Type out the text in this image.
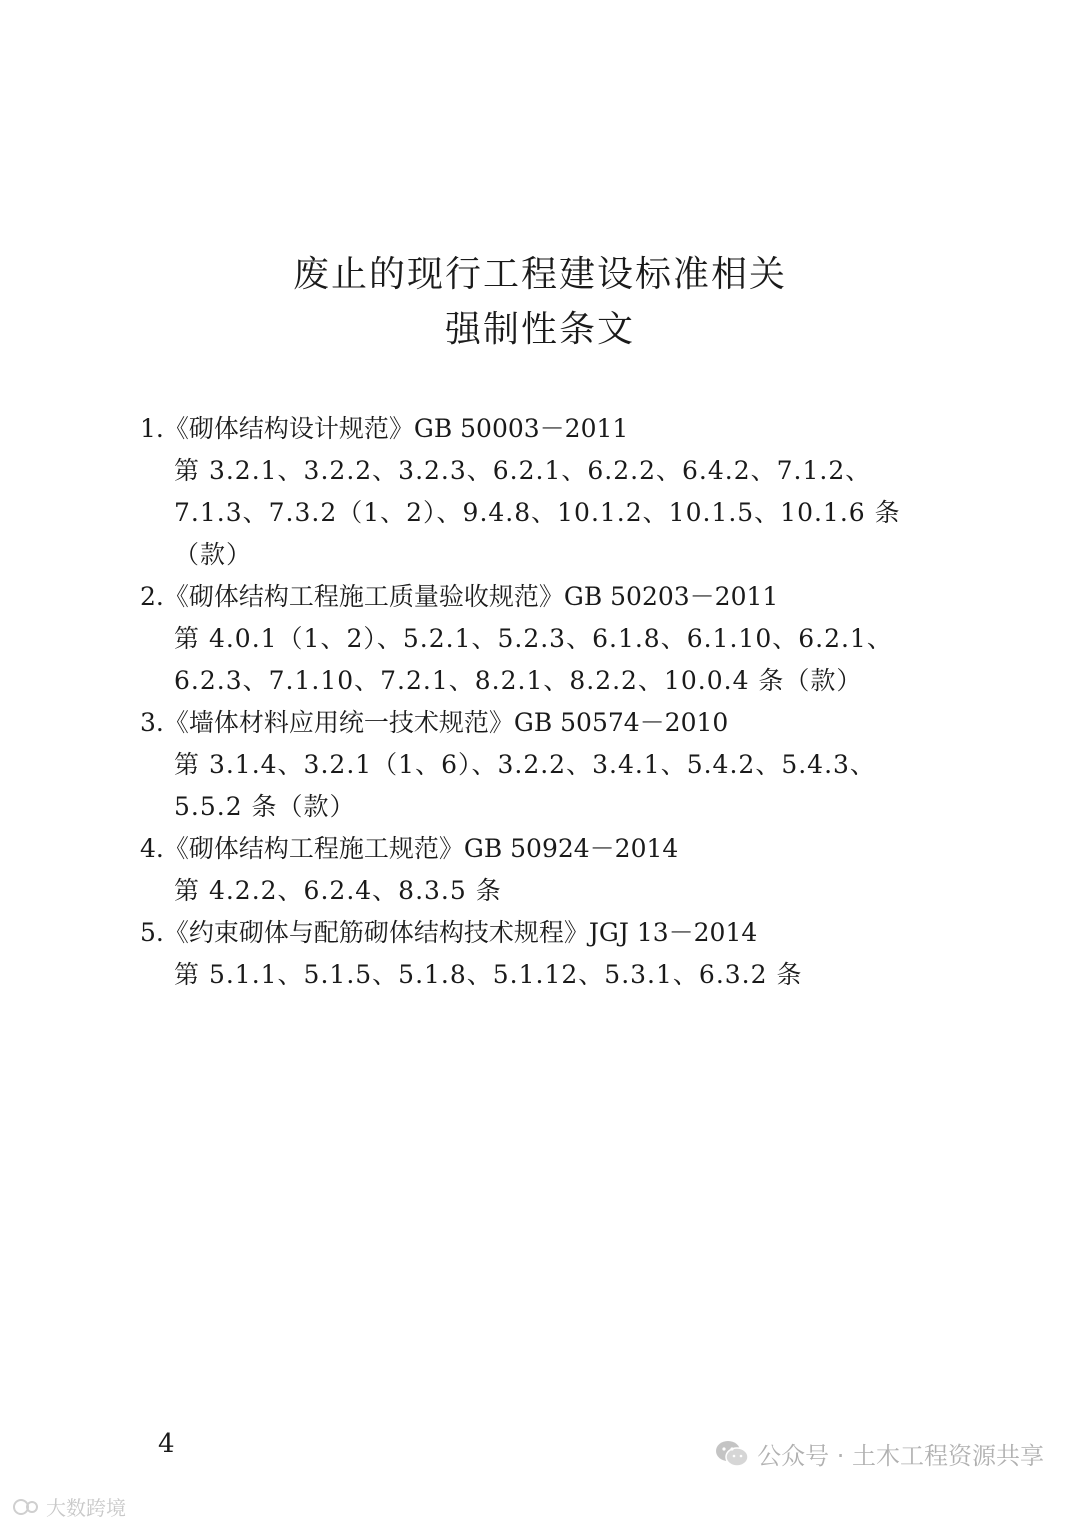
废止的现行工程建设标准相关
强制性条文
1.《砌体结构设计规范》GB 50003－2011
第 3.2.1、3.2.2、3.2.3、6.2.1、6.2.2、6.4.2、7.1.2、
7.1.3、7.3.2（1、2）、9.4.8、10.1.2、10.1.5、10.1.6 条
（款）
2.《砌体结构工程施工质量验收规范》GB 50203－2011
第 4.0.1（1、2）、5.2.1、5.2.3、6.1.8、6.1.10、6.2.1、
6.2.3、7.1.10、7.2.1、8.2.1、8.2.2、10.0.4 条（款）
3.《墙体材料应用统一技术规范》GB 50574－2010
第 3.1.4、3.2.1（1、6）、3.2.2、3.4.1、5.4.2、5.4.3、
5.5.2 条（款）
4.《砌体结构工程施工规范》GB 50924－2014
第 4.2.2、6.2.4、8.3.5 条
5.《约束砌体与配筋砌体结构技术规程》JGJ 13－2014
第 5.1.1、5.1.5、5.1.8、5.1.12、5.3.1、6.3.2 条
4	公众号 · 土木工程资源共享
大数跨境
